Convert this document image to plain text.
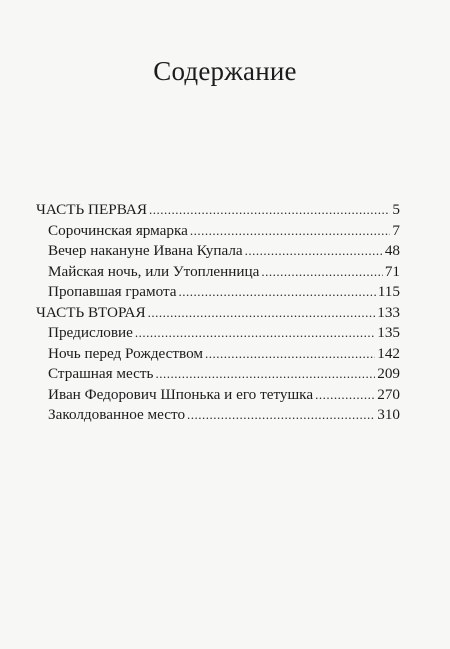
Содержание
ЧАСТЬ ПЕРВАЯ .....	5
Сорочинская ярмарка .....	7
Вечер накануне Ивана Купала .....	48
Майская ночь, или Утопленница .....	71
Пропавшая грамота .....	115
ЧАСТЬ ВТОРАЯ .....	133
Предисловие .....	135
Ночь перед Рождеством .....	142
Страшная месть .....	209
Иван Федорович Шпонька и его тетушка .....	270
Заколдованное место .....	310
